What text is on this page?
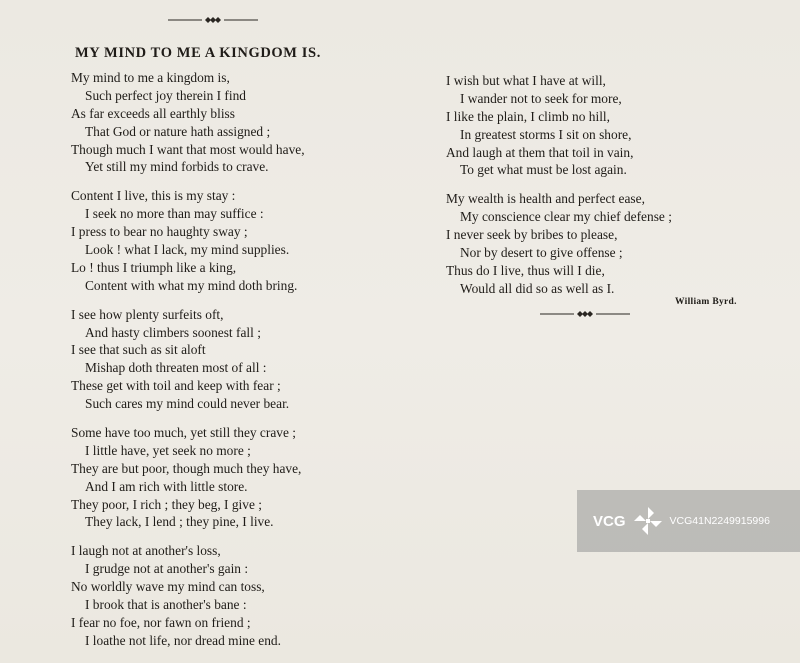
MY MIND TO ME A KINGDOM IS.
My mind to me a kingdom is,
Such perfect joy therein I find
As far exceeds all earthly bliss
That God or nature hath assigned ;
Though much I want that most would have,
Yet still my mind forbids to crave.
Content I live, this is my stay :
I seek no more than may suffice :
I press to bear no haughty sway ;
Look ! what I lack, my mind supplies.
Lo ! thus I triumph like a king,
Content with what my mind doth bring.
I see how plenty surfeits oft,
And hasty climbers soonest fall ;
I see that such as sit aloft
Mishap doth threaten most of all :
These get with toil and keep with fear ;
Such cares my mind could never bear.
Some have too much, yet still they crave ;
I little have, yet seek no more ;
They are but poor, though much they have,
And I am rich with little store.
They poor, I rich ; they beg, I give ;
They lack, I lend ; they pine, I live.
I laugh not at another's loss,
I grudge not at another's gain :
No worldly wave my mind can toss,
I brook that is another's bane :
I fear no foe, nor fawn on friend ;
I loathe not life, nor dread mine end.
I wish but what I have at will,
I wander not to seek for more,
I like the plain, I climb no hill,
In greatest storms I sit on shore,
And laugh at them that toil in vain,
To get what must be lost again.
My wealth is health and perfect ease,
My conscience clear my chief defense ;
I never seek by bribes to please,
Nor by desert to give offense ;
Thus do I live, thus will I die,
Would all did so as well as I.
William Byrd.
VCG	VCG41N2249915996
